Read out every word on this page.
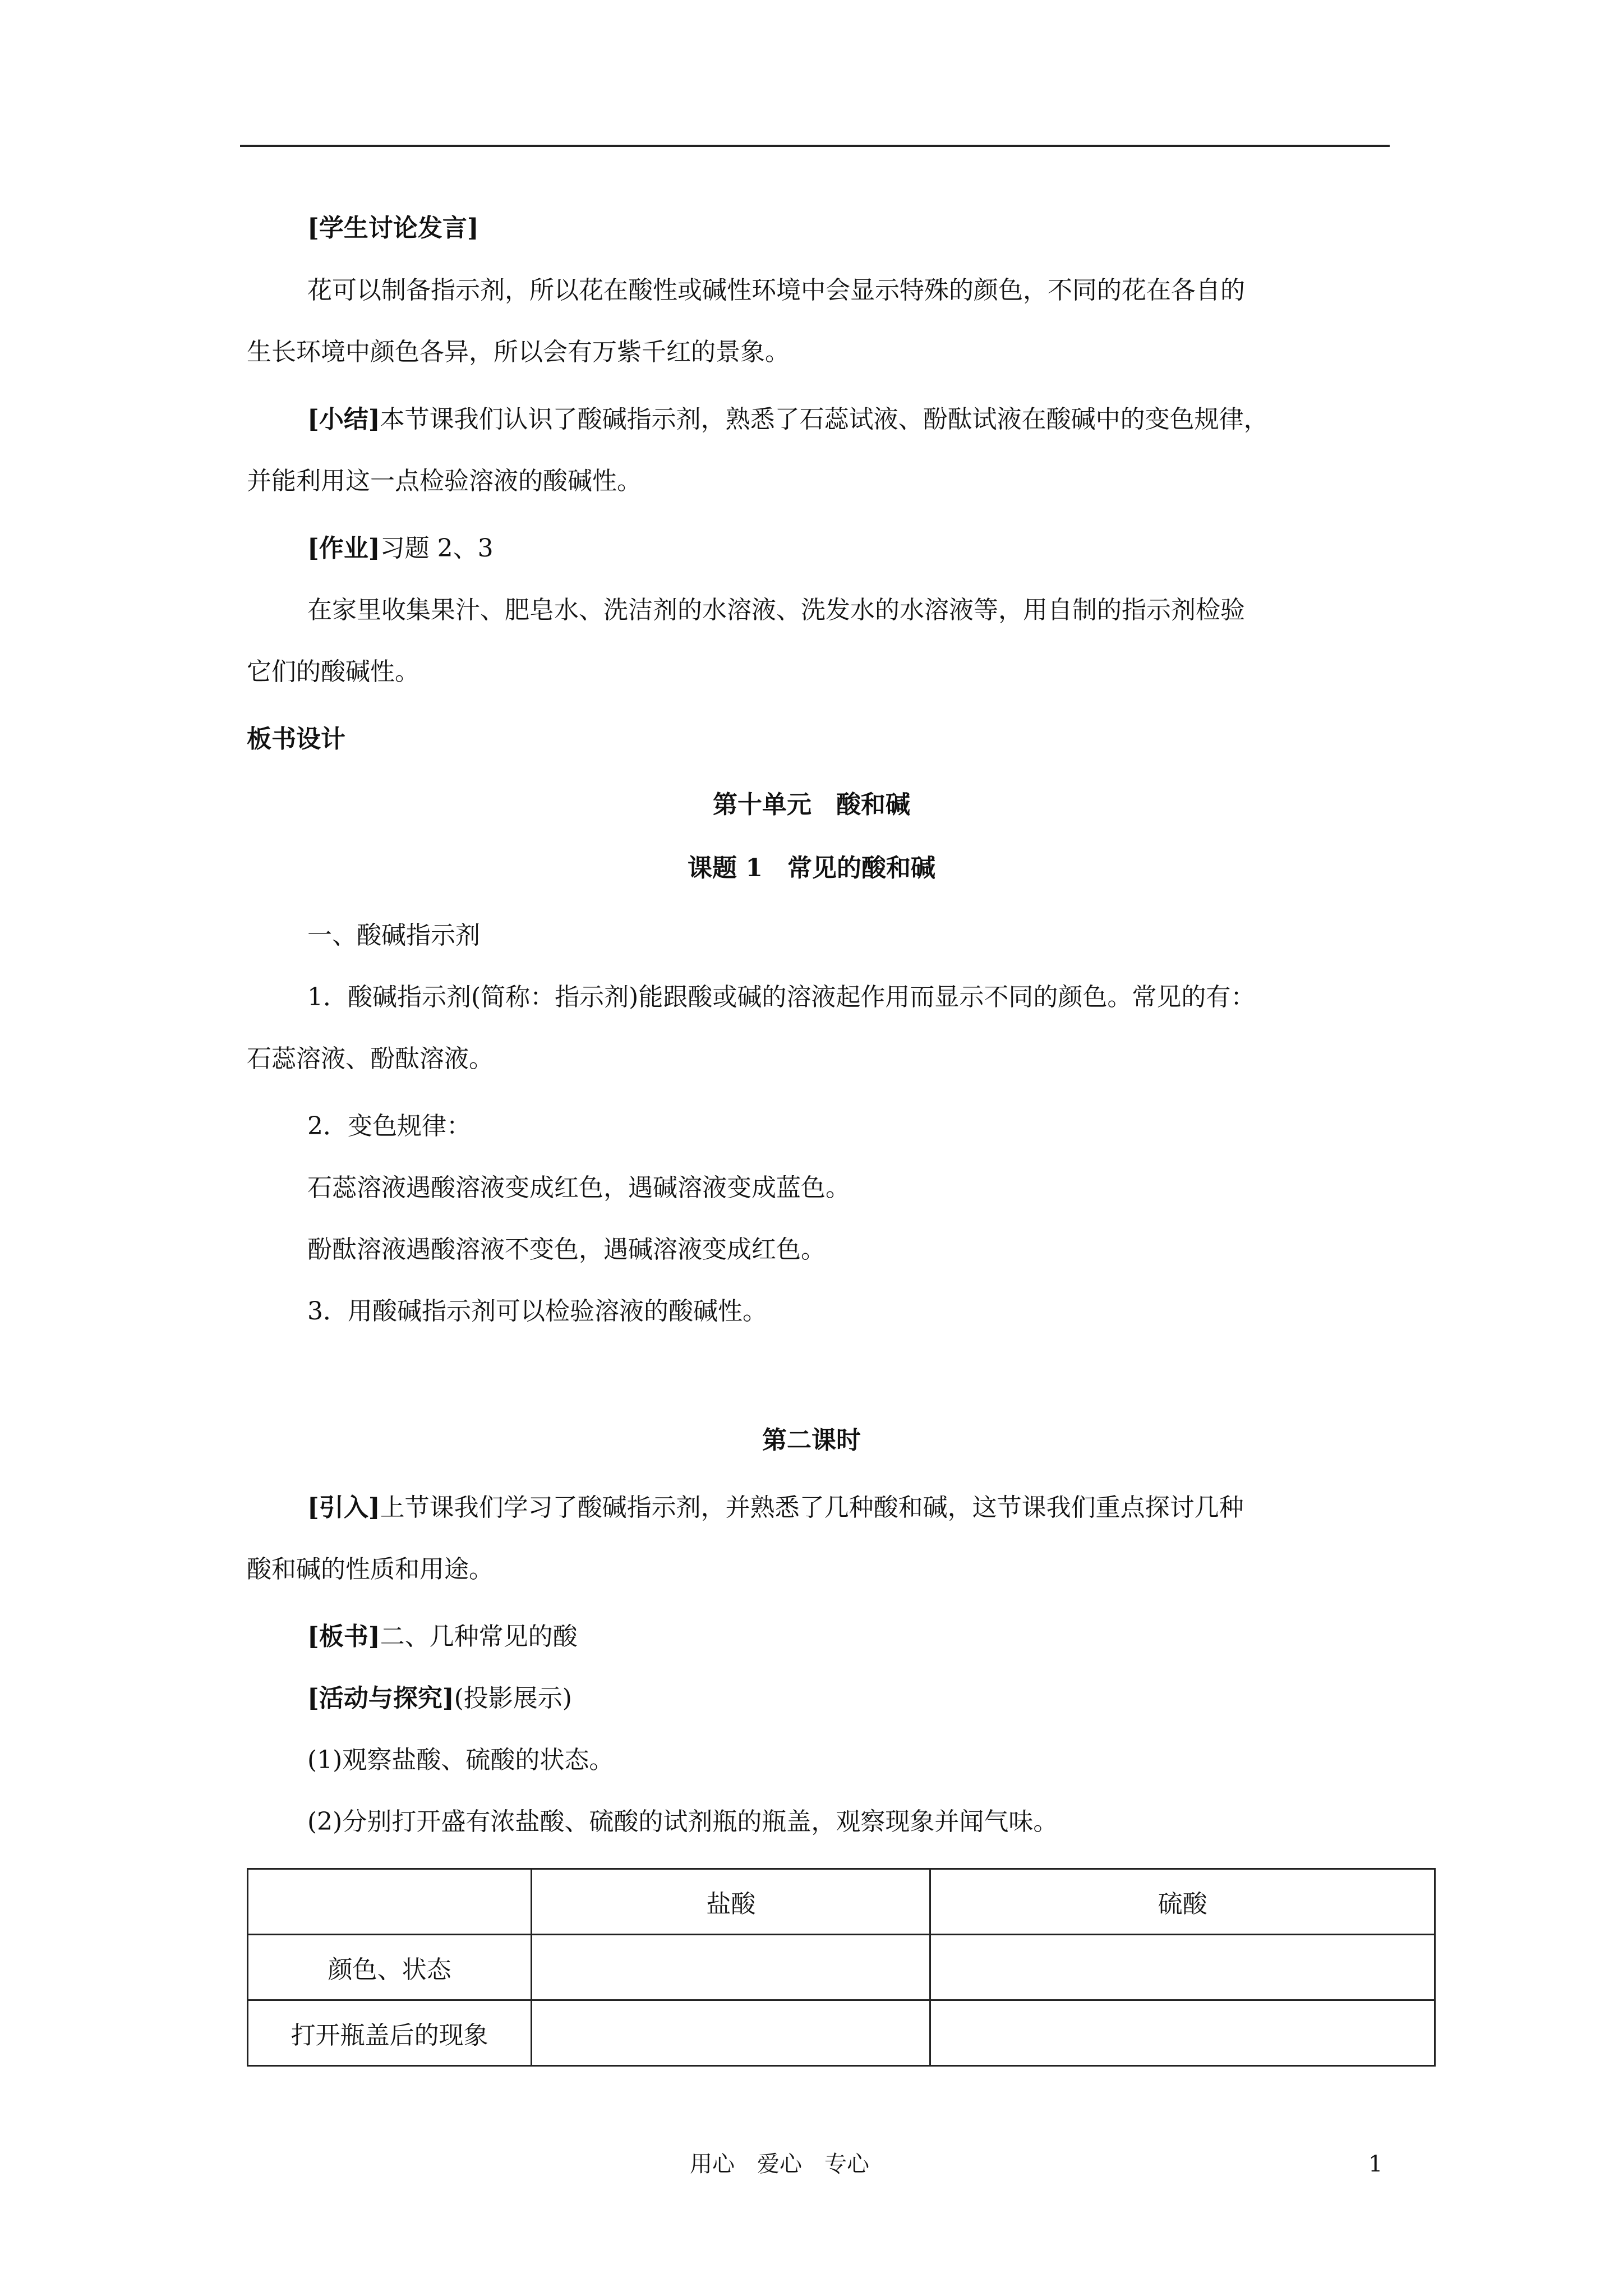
[学生讨论发言]
花可以制备指示剂，所以花在酸性或碱性环境中会显示特殊的颜色，不同的花在各自的
生长环境中颜色各异，所以会有万紫千红的景象。
[小结]本节课我们认识了酸碱指示剂，熟悉了石蕊试液、酚酞试液在酸碱中的变色规律，
并能利用这一点检验溶液的酸碱性。
[作业]习题 2、3
在家里收集果汁、肥皂水、洗洁剂的水溶液、洗发水的水溶液等，用自制的指示剂检验
它们的酸碱性。
板书设计
第十单元　酸和碱
课题 1　常见的酸和碱
一、酸碱指示剂
1．酸碱指示剂(简称：指示剂)能跟酸或碱的溶液起作用而显示不同的颜色。常见的有：
石蕊溶液、酚酞溶液。
2．变色规律：
石蕊溶液遇酸溶液变成红色，遇碱溶液变成蓝色。
酚酞溶液遇酸溶液不变色，遇碱溶液变成红色。
3．用酸碱指示剂可以检验溶液的酸碱性。
第二课时
[引入]上节课我们学习了酸碱指示剂，并熟悉了几种酸和碱，这节课我们重点探讨几种
酸和碱的性质和用途。
[板书]二、几种常见的酸
[活动与探究](投影展示)
(1)观察盐酸、硫酸的状态。
(2)分别打开盛有浓盐酸、硫酸的试剂瓶的瓶盖，观察现象并闻气味。
	盐酸	硫酸
颜色、状态		
打开瓶盖后的现象		
用心　爱心　专心	1
